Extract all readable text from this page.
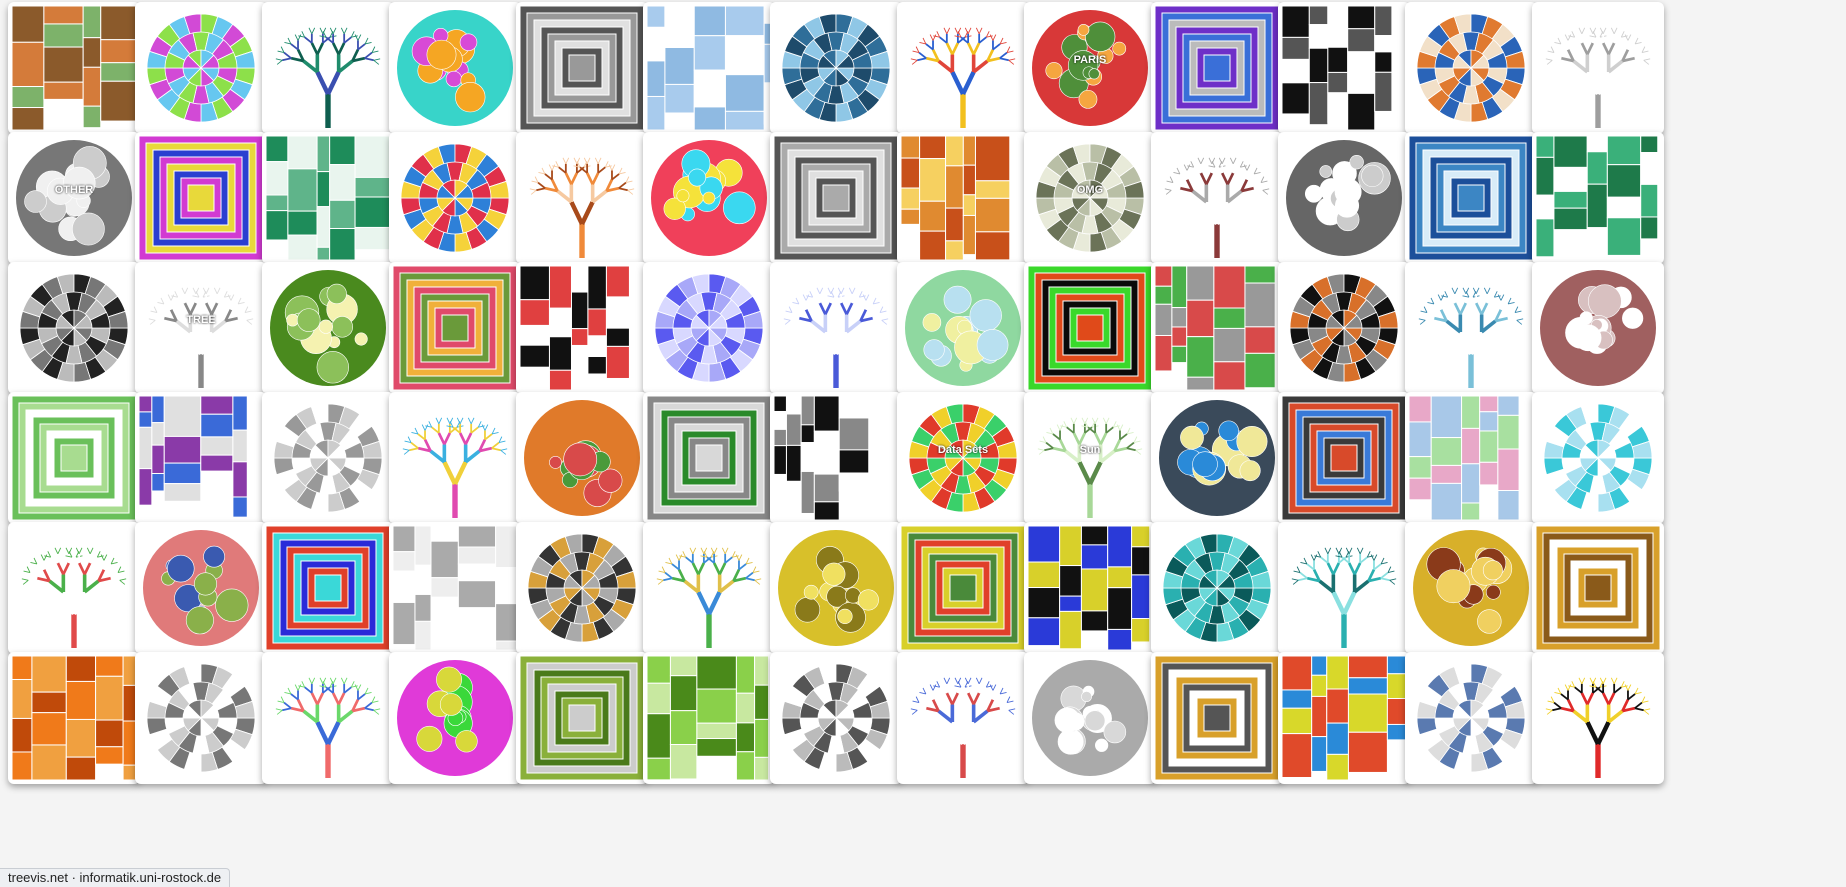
PARIS
OTHER	OMG
TREE
Data Sets	Sun
treevis.net · informatik.uni-rostock.de
